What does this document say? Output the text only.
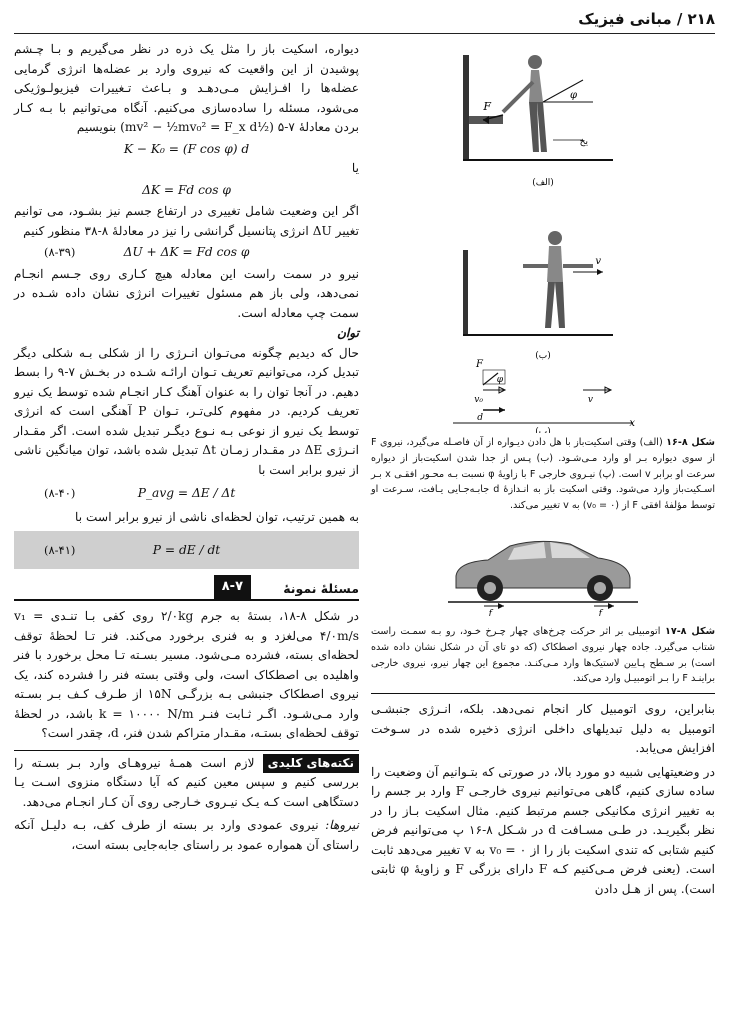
۲۱۸ / مبانی فیزیک
F
φ
یخ
(الف)
v
(ب)
x
F
φ
v₀
d
v
(پ)
شکل ۸-۱۶ (الف) وقتی اسکیت‌باز با هل دادن دیـواره از آن فاصـله می‌گیرد، نیروی F از سوی دیواره بـر او وارد مـی‌شـود. (ب) پـس از جدا شدن اسکیت‌باز از دیواره سرعت او برابر v است. (پ) نیـروی خارجی F با زاویهٔ φ نسبت بـه محـور افقـی x بـر اسـکیت‌باز وارد می‌شود. وقتی اسکیت باز به انـدازهٔ d جابـه‌جـایی یـافت، سـرعت او توسط مؤلفهٔ افقی F از (v₀ = ۰) به v تغییر می‌کند.
f	f
شکل ۸-۱۷ اتومبیلی بر اثر حرکت چرخ‌های چهار چـرخ خـود، رو بـه سمـت راست شتاب می‌گیرد. جاده چهار نیروی اصطکاک (که دو تای آن در شکل نشان داده شده است) بر سـطح پـایین لاستیک‌ها وارد مـی‌کنـد. مجموع این چهار نیرو، نیروی خارجی براینـد F را بـر اتومبیـل وارد می‌کند.
بنابراین، روی اتومبیل کار انجام نمی‌دهد. بلکه، انـرژی جنبشـی اتومبیل به دلیل تبدیلهای داخلی انرژی ذخیره شده در سـوخت افزایش می‌یابد.
در وضعیتهایی شبیه دو مورد بالا، در صورتی که بتـوانیم آن وضعیت را ساده سازی کنیم، گاهی می‌توانیم نیروی خارجـی F وارد بر جسم را به تغییر انرژی مکانیکی جسم مرتبط کنیم. مثال اسکیت بـاز را در نظر بگیریـد. در طـی مسـافت d در شـکل ۸-۱۶ پ می‌توانیم فرض کنیم شتابی که تندی اسکیت باز را از v₀ = ۰ به v تغییر می‌دهد ثابت است. (یعنی فرض مـی‌کنیم کـه F دارای بزرگی F و زاویهٔ φ ثابتی است). پس از هـل دادن
دیواره، اسکیت باز را مثل یک ذره در نظر می‌گیریم و بـا چـشم پوشیدن از این واقعیت که نیروی وارد بر عضله‌ها انرژی گرمایی عضله‌ها را افـزایش مـی‌دهـد و بـاعث تـغییرات فیزیولـوژیکی می‌شود، مسئله را ساده‌سازی می‌کنیم. آنگاه می‌توانیم با بـه کـار بردن معادلهٔ ۷-۵ (½mv² − ½mv₀² = F_x d) بنویسیم
K − K₀ = (F cos φ) d
یا
ΔK = Fd cos φ
اگر این وضعیت شامل تغییری در ارتفاع جسم نیز بشـود، می توانیم تغییر ΔU انرژی پتانسیل گرانشی را نیز در معادلهٔ ۸-۳۸ منظور کنیم
ΔU + ΔK = Fd cos φ
(۸-۳۹)
نیرو در سمت راست این معادله هیچ کـاری روی جـسم انجـام نمی‌دهد، ولی باز هم مسئول تغییرات انرژی نشان داده شـده در سمت چپ معادله است.
توان
حال که دیدیم چگونه می‌تـوان انـرژی را از شکلی بـه شکلی دیگر تبدیل کرد، می‌توانیم تعریف تـوان ارائـه شـده در بخـش ۷-۹ را بسط دهیم. در آنجا توان را به عنوان آهنگ کـار انجـام شده توسط یک نیرو تعریف کردیم. در مفهوم کلی‌تـر، تـوان P آهنگی است که انرژی توسط یک نیرو از نوعی بـه نـوع دیگـر تبدیل شده است. اگر مقـدار انـرژی ΔE در مقـدار زمـان Δt تبدیل شده باشد، توان میانگین ناشی از نیرو برابر است با
P_avg = ΔE / Δt
(۸-۴۰)
به همین ترتیب، توان لحظه‌ای ناشی از نیرو برابر است با
P = dE / dt
(۸-۴۱)
مسئلهٔ نمونهٔ
۸-۷
در شکل ۸-۱۸، بستهٔ به جرم ۲/۰kg روی کفی بـا تنـدی v₁ = ۴/۰m/s می‌لغزد و به فنری برخورد می‌کند. فنر تـا لحظهٔ توقف لحظه‌ای بسته، فشرده مـی‌شود. مسیر بسـته تـا محل برخورد با فنر واهلیده بی اصطکاک است، ولی وقتی بسته فنر را فشرده کند، یک نیروی اصطکاک جنبشی بـه بزرگـی ۱۵N از طـرف کـف بـر بسـته وارد مـی‌شـود. اگـر ثـابت فنـر k = ۱۰۰۰۰ N/m باشد، در لحظهٔ توقف لحظه‌ای بستـه، مقـدار متراکم شدن فنر، d، چقدر است؟
نکته‌های کلیدی لازم است همـهٔ نیروهـای وارد بـر بسـته را بررسی کنیم و سپس معین کنیم که آیا دستگاه منزوی اسـت یـا دستگاهی است کـه یـک نیـروی خـارجی روی آن کـار انجـام می‌دهد.
نیروها: نیروی عمودی وارد بر بسته از طرف کف، بـه دلیـل آنکه راستای آن همواره عمود بر راستای جابه‌جایی بسته است،
